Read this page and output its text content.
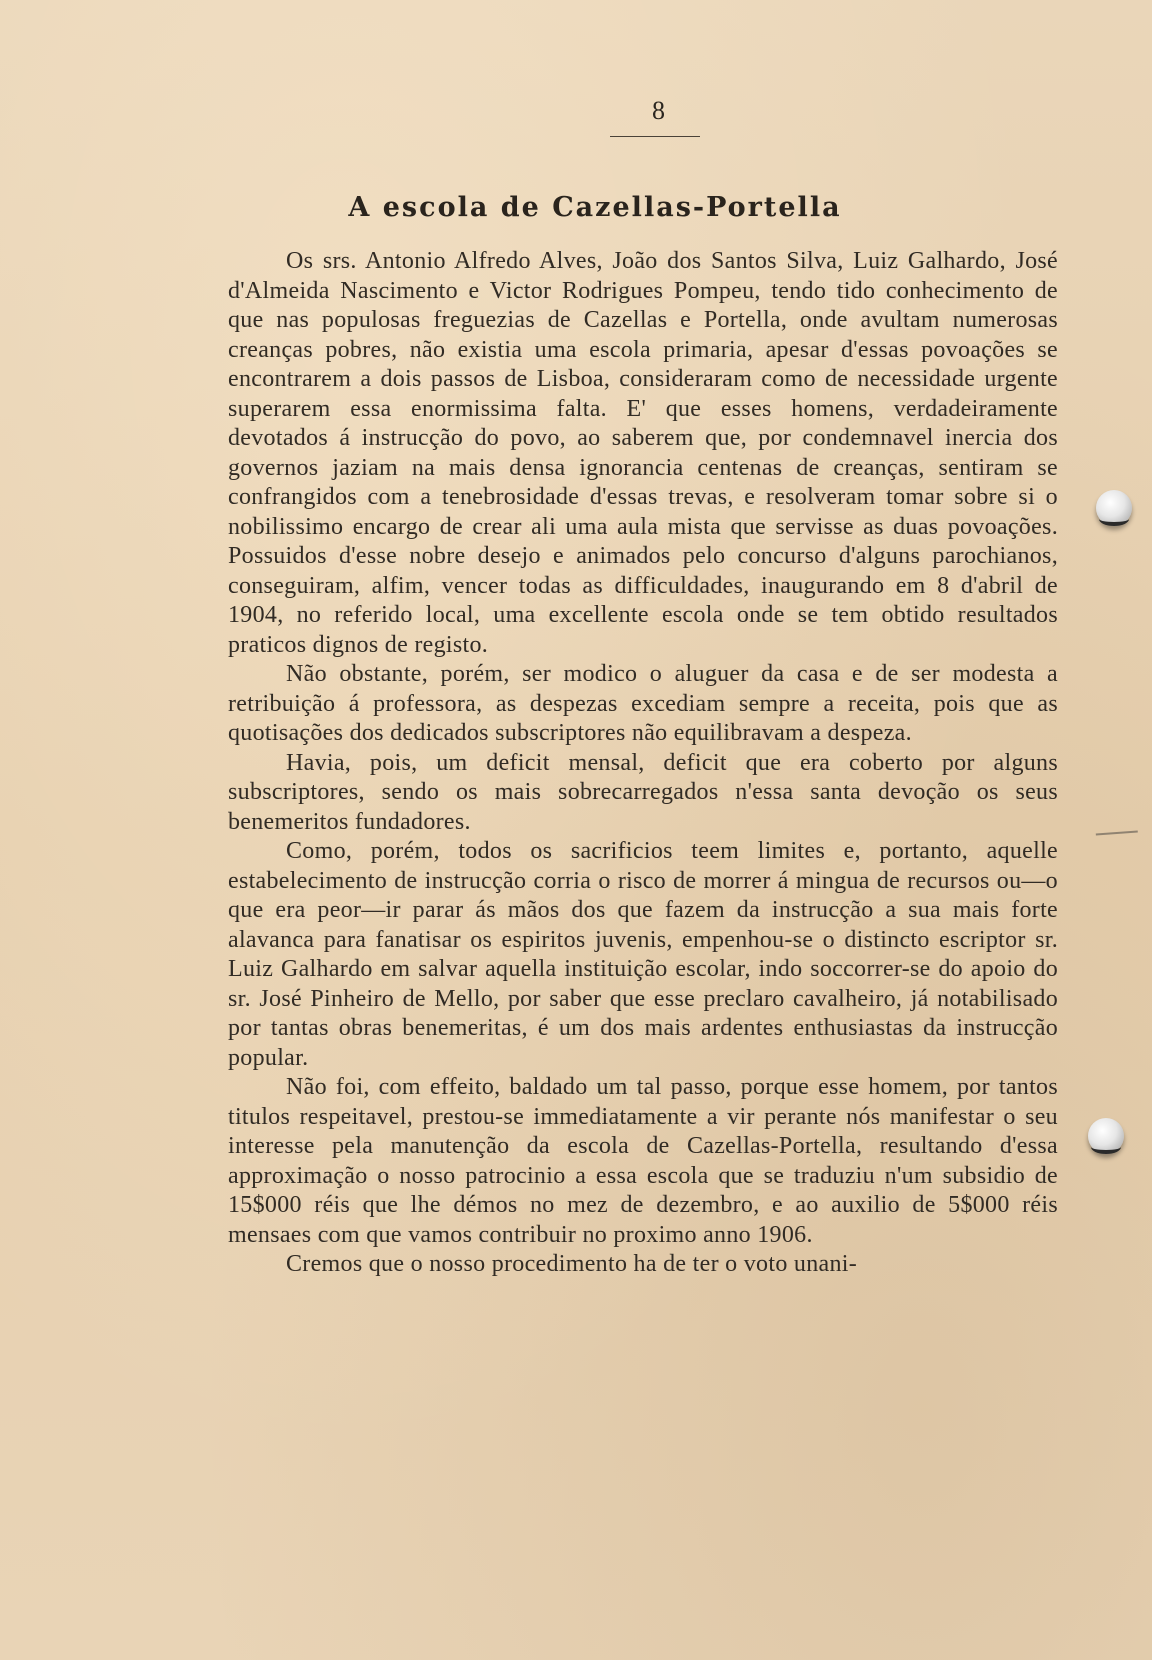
8
A escola de Cazellas-Portella

Os srs. Antonio Alfredo Alves, João dos Santos Silva, Luiz Galhardo, José d'Almeida Nascimento e Victor Rodrigues Pompeu, tendo tido conhecimento de que nas populosas freguezias de Cazellas e Portella, onde avultam numerosas creanças pobres, não existia uma escola primaria, apesar d'essas povoações se encontrarem a dois passos de Lisboa, consideraram como de necessidade urgente superarem essa enormissima falta. E' que esses homens, verdadeiramente devotados á instrucção do povo, ao saberem que, por condemnavel inercia dos governos jaziam na mais densa ignorancia centenas de creanças, sentiram se confrangidos com a tenebrosidade d'essas trevas, e resolveram tomar sobre si o nobilissimo encargo de crear ali uma aula mista que servisse as duas povoações. Possuidos d'esse nobre desejo e animados pelo concurso d'alguns parochianos, conseguiram, alfim, vencer todas as difficuldades, inaugurando em 8 d'abril de 1904, no referido local, uma excellente escola onde se tem obtido resultados praticos dignos de registo.

Não obstante, porém, ser modico o aluguer da casa e de ser modesta a retribuição á professora, as despezas excediam sempre a receita, pois que as quotisações dos dedicados subscriptores não equilibravam a despeza.

Havia, pois, um deficit mensal, deficit que era coberto por alguns subscriptores, sendo os mais sobrecarregados n'essa santa devoção os seus benemeritos fundadores.

Como, porém, todos os sacrificios teem limites e, portanto, aquelle estabelecimento de instrucção corria o risco de morrer á mingua de recursos ou—o que era peor—ir parar ás mãos dos que fazem da instrucção a sua mais forte alavanca para fanatisar os espiritos juvenis, empenhou-se o distincto escriptor sr. Luiz Galhardo em salvar aquella instituição escolar, indo soccorrer-se do apoio do sr. José Pinheiro de Mello, por saber que esse preclaro cavalheiro, já notabilisado por tantas obras benemeritas, é um dos mais ardentes enthusiastas da instrucção popular.

Não foi, com effeito, baldado um tal passo, porque esse homem, por tantos titulos respeitavel, prestou-se immediatamente a vir perante nós manifestar o seu interesse pela manutenção da escola de Cazellas-Portella, resultando d'essa approximação o nosso patrocinio a essa escola que se traduziu n'um subsidio de 15$000 réis que lhe démos no mez de dezembro, e ao auxilio de 5$000 réis mensaes com que vamos contribuir no proximo anno 1906.

Cremos que o nosso procedimento ha de ter o voto unani-
